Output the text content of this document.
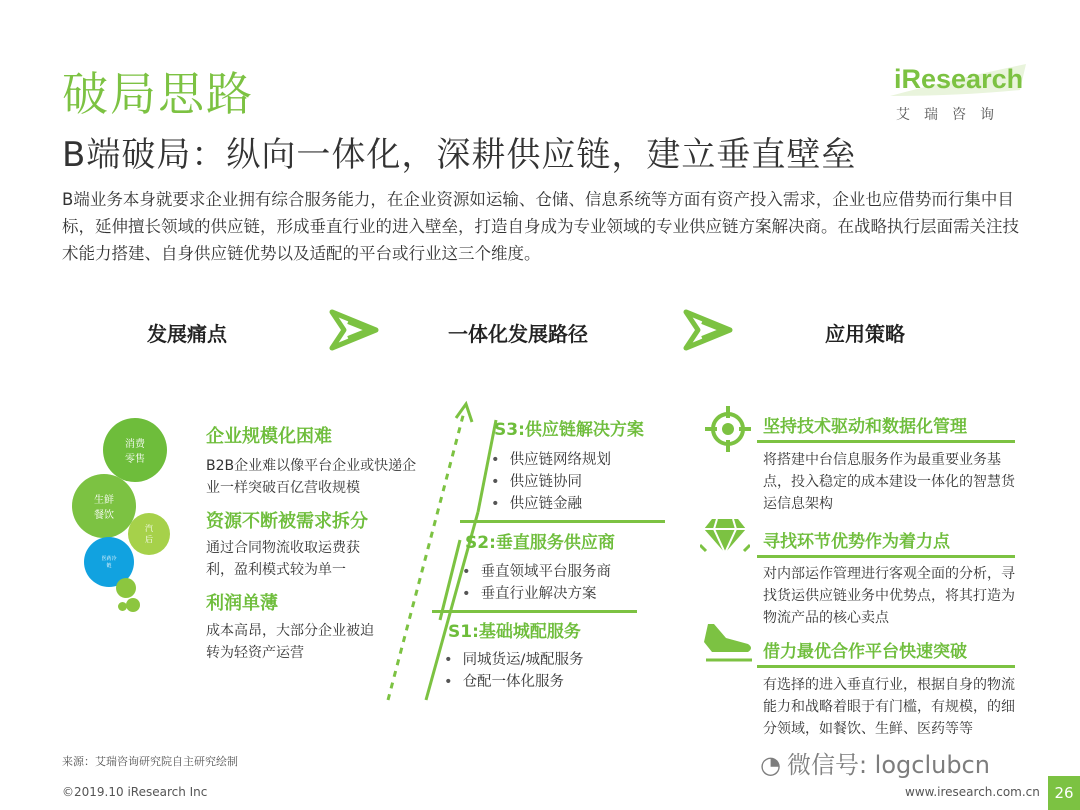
破局思路
B端破局：纵向一体化，深耕供应链，建立垂直壁垒
B端业务本身就要求企业拥有综合服务能力，在企业资源如运输、仓储、信息系统等方面有资产投入需求，企业也应借势而行集中目标，延伸擅长领域的供应链，形成垂直行业的进入壁垒，打造自身成为专业领域的专业供应链方案解决商。在战略执行层面需关注技术能力搭建、自身供应链优势以及适配的平台或行业这三个维度。
iResearch
艾瑞咨询
发展痛点	一体化发展路径	应用策略
消费
零售
生鲜
餐饮
汽
后
医药冷
链
企业规模化困难
B2B企业难以像平台企业或快递企业一样突破百亿营收规模
资源不断被需求拆分
通过合同物流收取运费获利，盈利模式较为单一
利润单薄
成本高昂，大部分企业被迫转为轻资产运营
S3:供应链解决方案
• 供应链网络规划
• 供应链协同
• 供应链金融
S2:垂直服务供应商
• 垂直领域平台服务商
• 垂直行业解决方案
S1:基础城配服务
• 同城货运/城配服务
• 仓配一体化服务
坚持技术驱动和数据化管理
将搭建中台信息服务作为最重要业务基点，投入稳定的成本建设一体化的智慧货运信息架构
寻找环节优势作为着力点
对内部运作管理进行客观全面的分析，寻找货运供应链业务中优势点，将其打造为物流产品的核心卖点
借力最优合作平台快速突破
有选择的进入垂直行业，根据自身的物流能力和战略着眼于有门槛，有规模，的细分领域，如餐饮、生鲜、医药等等
来源：艾瑞咨询研究院自主研究绘制
©2019.10 iResearch Inc	www.iresearch.com.cn 26
◔ 微信号: logclubcn
